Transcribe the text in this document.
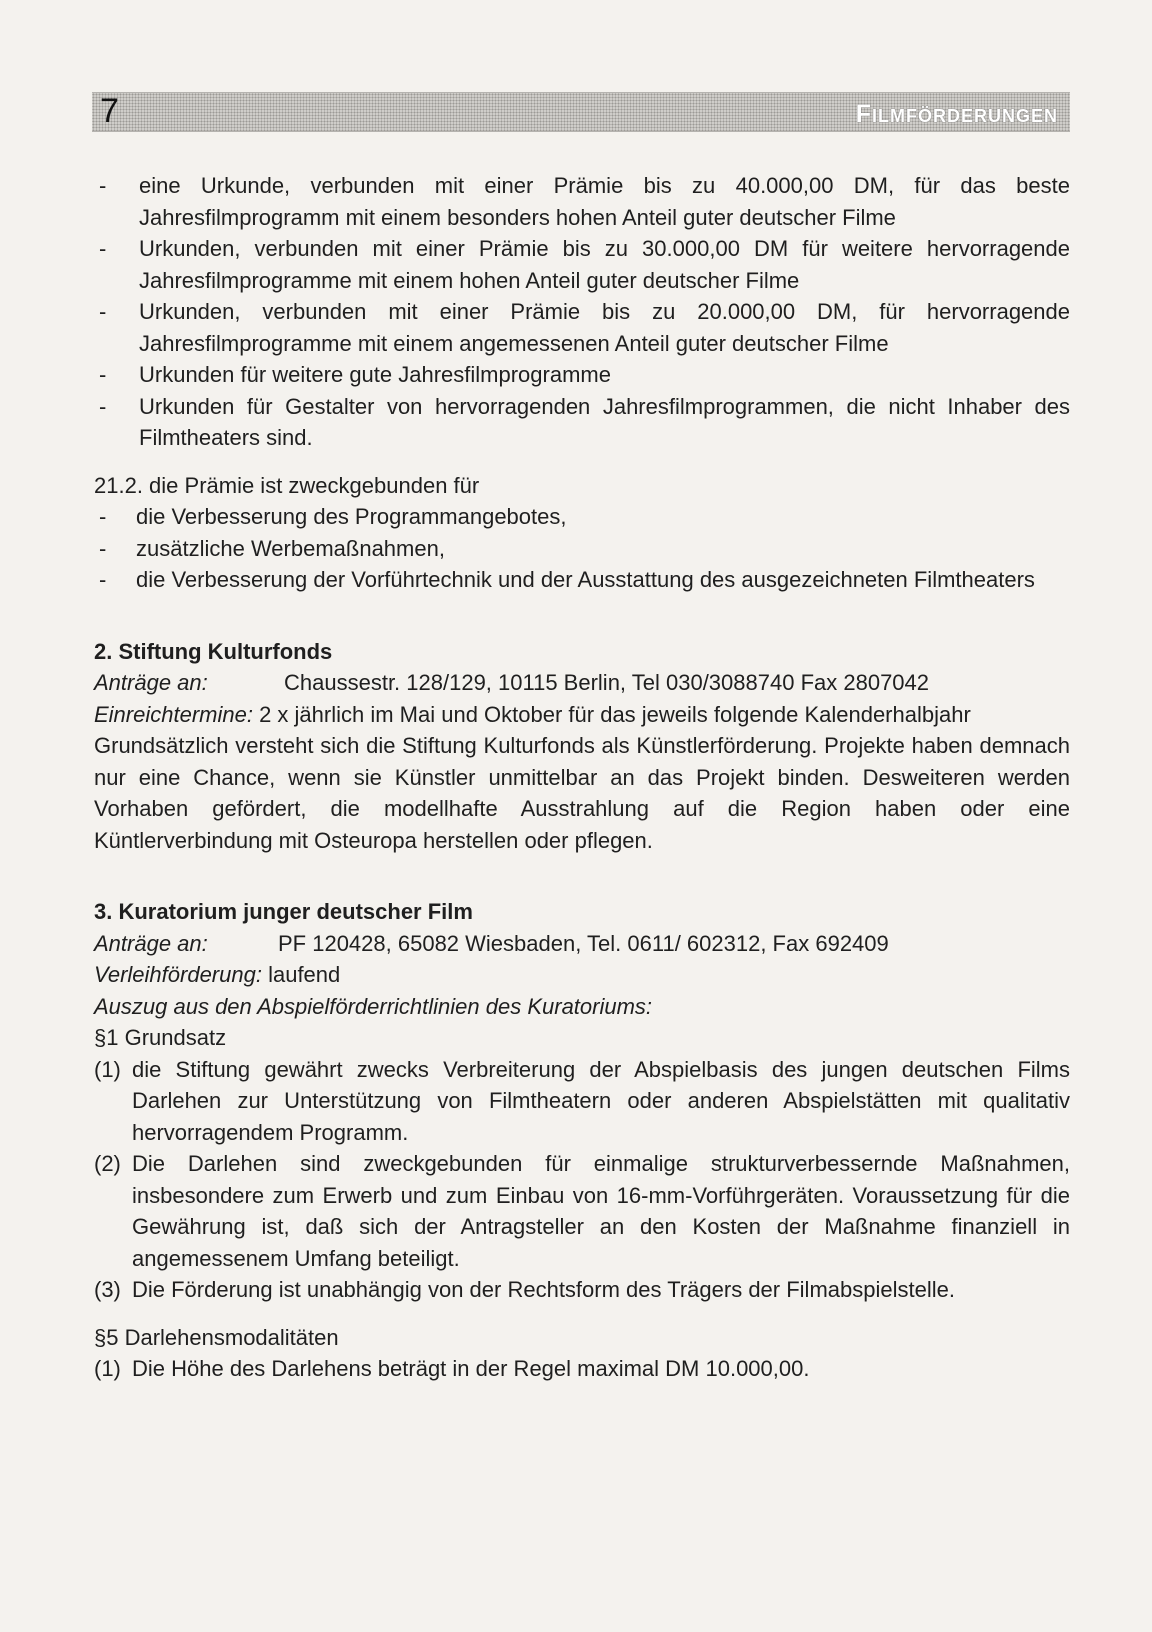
7	Filmförderungen
- eine Urkunde, verbunden mit einer Prämie bis zu 40.000,00 DM, für das beste Jahresfilmprogramm mit einem besonders hohen Anteil guter deutscher Filme
- Urkunden, verbunden mit einer Prämie bis zu 30.000,00 DM für weitere hervorragende Jahresfilmprogramme mit einem hohen Anteil guter deutscher Filme
- Urkunden, verbunden mit einer Prämie bis zu 20.000,00 DM, für hervorragende Jahresfilmprogramme mit einem angemessenen Anteil guter deutscher Filme
- Urkunden für weitere gute Jahresfilmprogramme
- Urkunden für Gestalter von hervorragenden Jahresfilmprogrammen, die nicht Inhaber des Filmtheaters sind.

21.2. die Prämie ist zweckgebunden für

- die Verbesserung des Programmangebotes,
- zusätzliche Werbemaßnahmen,
- die Verbesserung der Vorführtechnik und der Ausstattung des ausgezeichneten Filmtheaters
2. Stiftung Kulturfonds
Anträge an:	Chaussestr. 128/129, 10115 Berlin, Tel 030/3088740 Fax 2807042

Einreichtermine: 2 x jährlich im Mai und Oktober für das jeweils folgende Kalenderhalbjahr

Grundsätzlich versteht sich die Stiftung Kulturfonds als Künstlerförderung. Projekte haben demnach nur eine Chance, wenn sie Künstler unmittelbar an das Projekt binden. Desweiteren werden Vorhaben gefördert, die modellhafte Ausstrahlung auf die Region haben oder eine Küntlerverbindung mit Osteuropa herstellen oder pflegen.

3. Kuratorium junger deutscher Film
Anträge an:	PF 120428, 65082 Wiesbaden, Tel. 0611/ 602312, Fax 692409

Verleihförderung: laufend

Auszug aus den Abspielförderrichtlinien des Kuratoriums:

§1 Grundsatz

(1) die Stiftung gewährt zwecks Verbreiterung der Abspielbasis des jungen deutschen Films Darlehen zur Unterstützung von Filmtheatern oder anderen Abspielstätten mit qualitativ hervorragendem Programm.
(2) Die Darlehen sind zweckgebunden für einmalige strukturverbessernde Maßnahmen, insbesondere zum Erwerb und zum Einbau von 16-mm-Vorführgeräten. Voraussetzung für die Gewährung ist, daß sich der Antragsteller an den Kosten der Maßnahme finanziell in angemessenem Umfang beteiligt.
(3) Die Förderung ist unabhängig von der Rechtsform des Trägers der Filmabspielstelle.

§5 Darlehensmodalitäten

(1) Die Höhe des Darlehens beträgt in der Regel maximal DM 10.000,00.
